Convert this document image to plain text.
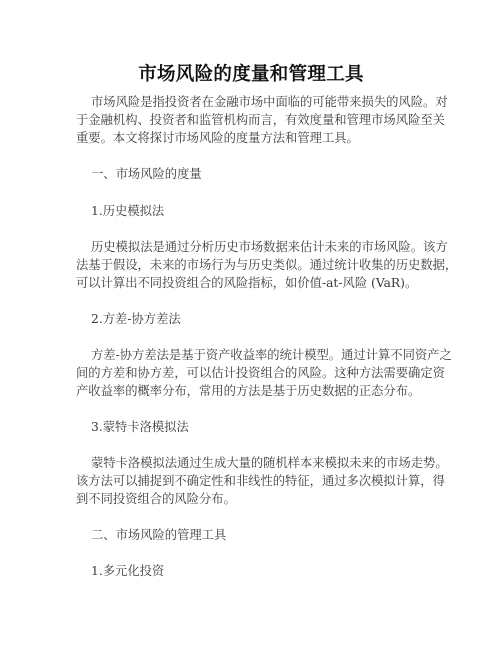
市场风险的度量和管理工具

市场风险是指投资者在金融市场中面临的可能带来损失的风险。对

于金融机构、投资者和监管机构而言，有效度量和管理市场风险至关

重要。本文将探讨市场风险的度量方法和管理工具。

一、市场风险的度量

1.历史模拟法

历史模拟法是通过分析历史市场数据来估计未来的市场风险。该方

法基于假设，未来的市场行为与历史类似。通过统计收集的历史数据，

可以计算出不同投资组合的风险指标，如价值-at-风险 (VaR)。

2.方差-协方差法

方差-协方差法是基于资产收益率的统计模型。通过计算不同资产之

间的方差和协方差，可以估计投资组合的风险。这种方法需要确定资

产收益率的概率分布，常用的方法是基于历史数据的正态分布。

3.蒙特卡洛模拟法

蒙特卡洛模拟法通过生成大量的随机样本来模拟未来的市场走势。

该方法可以捕捉到不确定性和非线性的特征，通过多次模拟计算，得

到不同投资组合的风险分布。

二、市场风险的管理工具

1.多元化投资
